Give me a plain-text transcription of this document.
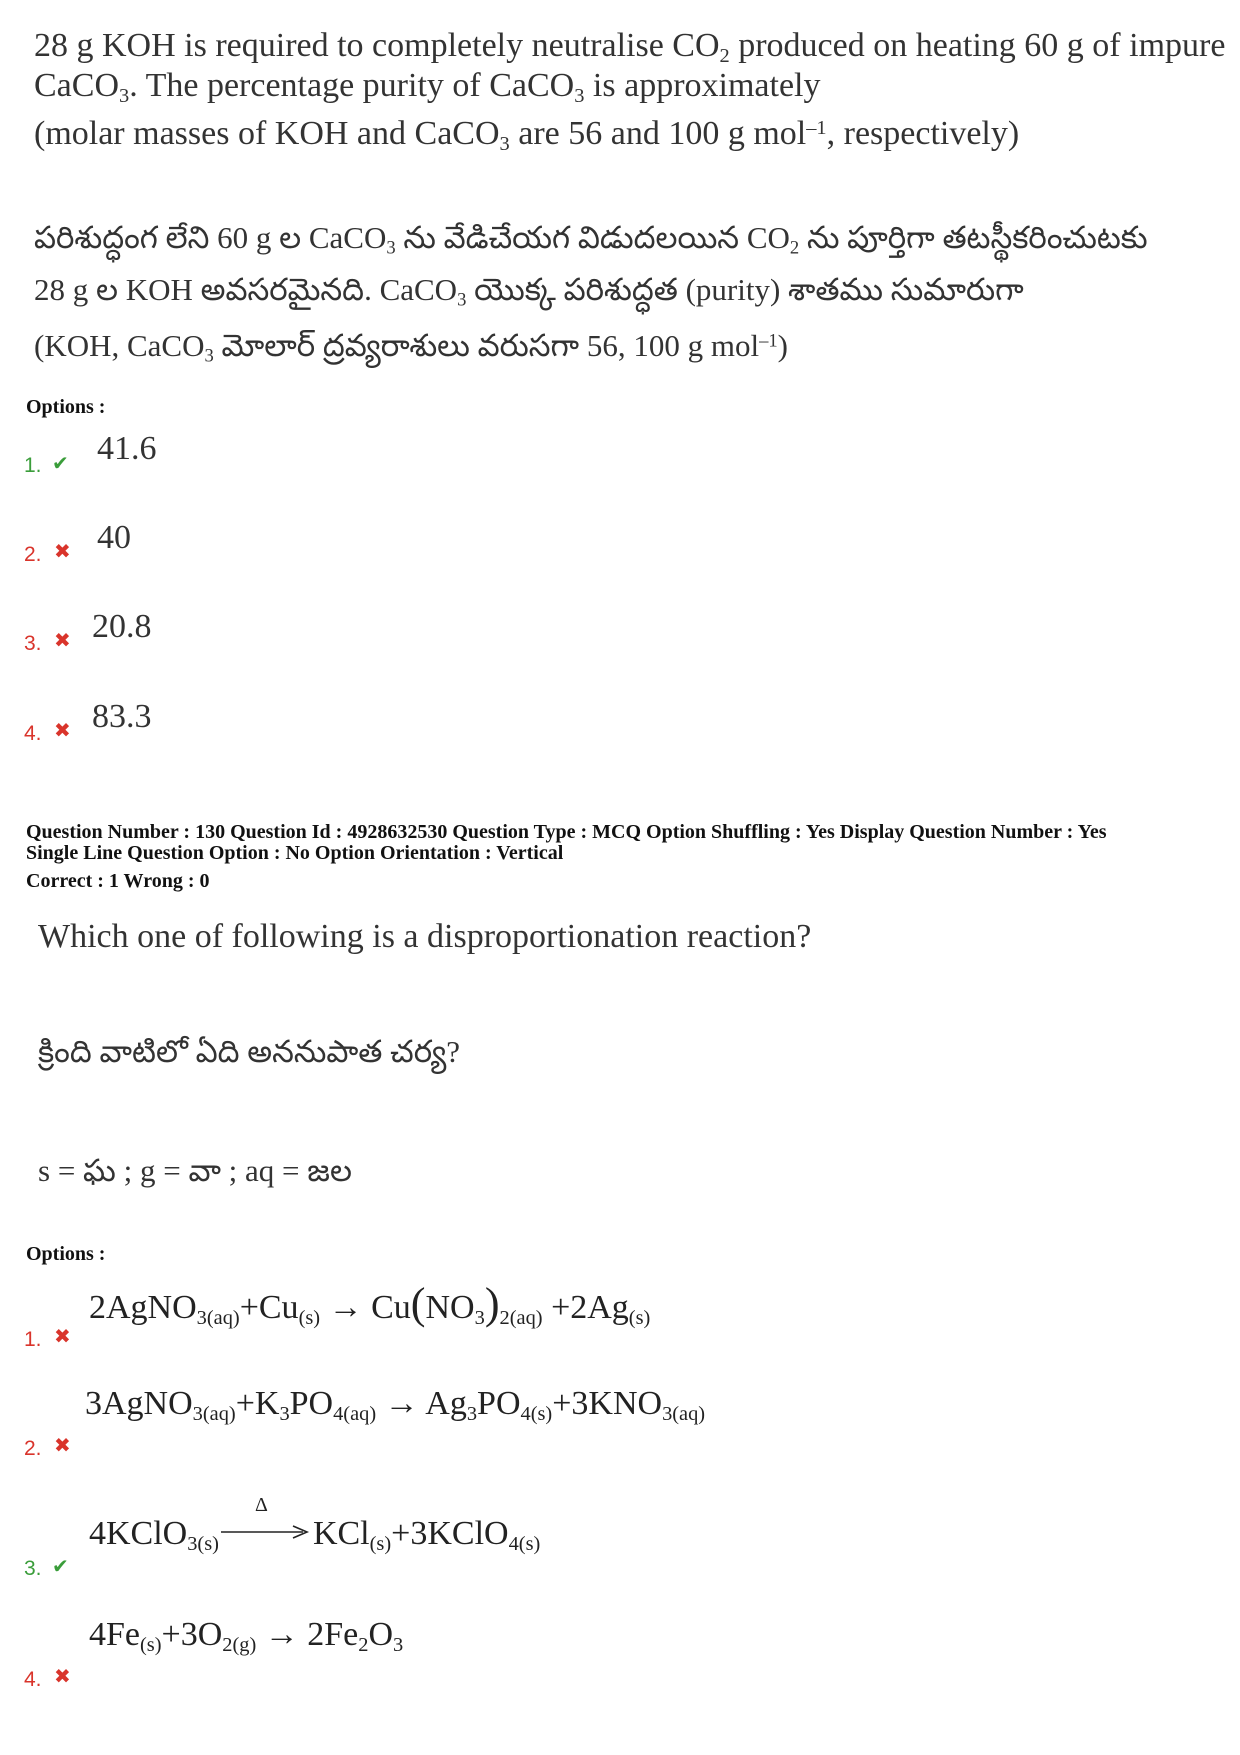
28 g KOH is required to completely neutralise $CO_2$ produced on heating 60 g of impure
CaCO$_3$. The percentage purity of CaCO$_3$ is approximately
(molar masses of KOH and CaCO$_3$ are 56 and 100 g mol$^{-1}$, respectively)
పరిశుద్ధంగ లేని 60 g ల CaCO$_3$ ను వేడిచేయగ విడుదలయిన $CO_2$ ను పూర్తిగా తటస్థీకరించుటకు
28 g ల KOH అవసరమైనది. CaCO$_3$ యొక్క పరిశుద్ధత (purity) శాతము సుమారుగా
(KOH, CaCO$_3$ మోలార్ ద్రవ్యరాశులు వరుసగా 56, 100 g mol$^{-1}$)
Options :
1. ✔ 41.6
2. ✖ 40
3. ✖ 20.8
4. ✖ 83.3
Question Number : 130 Question Id : 4928632530 Question Type : MCQ Option Shuffling : Yes Display Question Number : Yes
Single Line Question Option : No Option Orientation : Vertical
Correct : 1 Wrong : 0
Which one of following is a disproportionation reaction?
క్రింది వాటిలో ఏది అననుపాత చర్య?
s = ఘ ; g = వా ; aq = జల
Options :
1. ✖
$2AgNO_{3(aq)}+Cu_{(s)} \to Cu(NO_3)_{2(aq)} +2Ag_{(s)}$
2. ✖
$3AgNO_{3(aq)}+K_3PO_{4(aq)} \to Ag_3PO_{4(s)}+3KNO_{3(aq)}$
3. ✔
4KClO$_{3(s)}$
Δ
KCl$_{(s)}$+3KClO$_{4(s)}$
4. ✖
$4Fe_{(s)}+3O_{2(g)} \to 2Fe_2O_3$
